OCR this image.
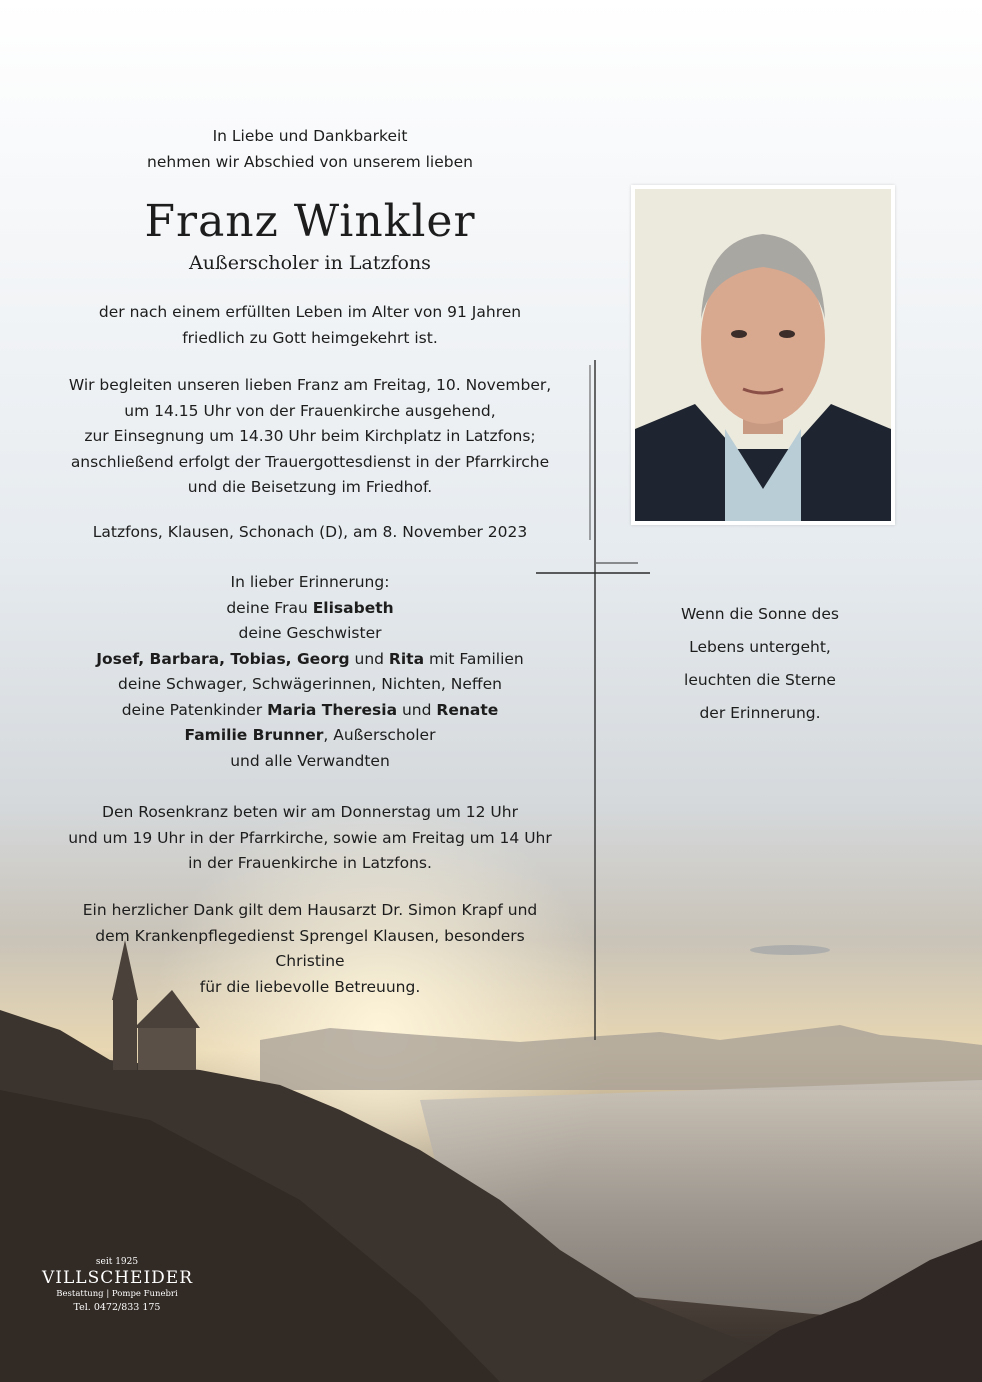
In Liebe und Dankbarkeit
nehmen wir Abschied von unserem lieben
Franz Winkler
Außerscholer in Latzfons
der nach einem erfüllten Leben im Alter von 91 Jahren
friedlich zu Gott heimgekehrt ist.
Wir begleiten unseren lieben Franz am Freitag, 10. November,
um 14.15 Uhr von der Frauenkirche ausgehend,
zur Einsegnung um 14.30 Uhr beim Kirchplatz in Latzfons;
anschließend erfolgt der Trauergottesdienst in der Pfarrkirche
und die Beisetzung im Friedhof.
Latzfons, Klausen, Schonach (D), am 8. November 2023
In lieber Erinnerung:
deine Frau Elisabeth
deine Geschwister
Josef, Barbara, Tobias, Georg und Rita mit Familien
deine Schwager, Schwägerinnen, Nichten, Neffen
deine Patenkinder Maria Theresia und Renate
Familie Brunner, Außerscholer
und alle Verwandten
Den Rosenkranz beten wir am Donnerstag um 12 Uhr
und um 19 Uhr in der Pfarrkirche, sowie am Freitag um 14 Uhr
in der Frauenkirche in Latzfons.
Ein herzlicher Dank gilt dem Hausarzt Dr. Simon Krapf und
dem Krankenpflegedienst Sprengel Klausen, besonders Christine
für die liebevolle Betreuung.
Wenn die Sonne des
Lebens untergeht,
leuchten die Sterne
der Erinnerung.
seit 1925
VILLSCHEIDER
Bestattung | Pompe Funebri
Tel. 0472/833 175
